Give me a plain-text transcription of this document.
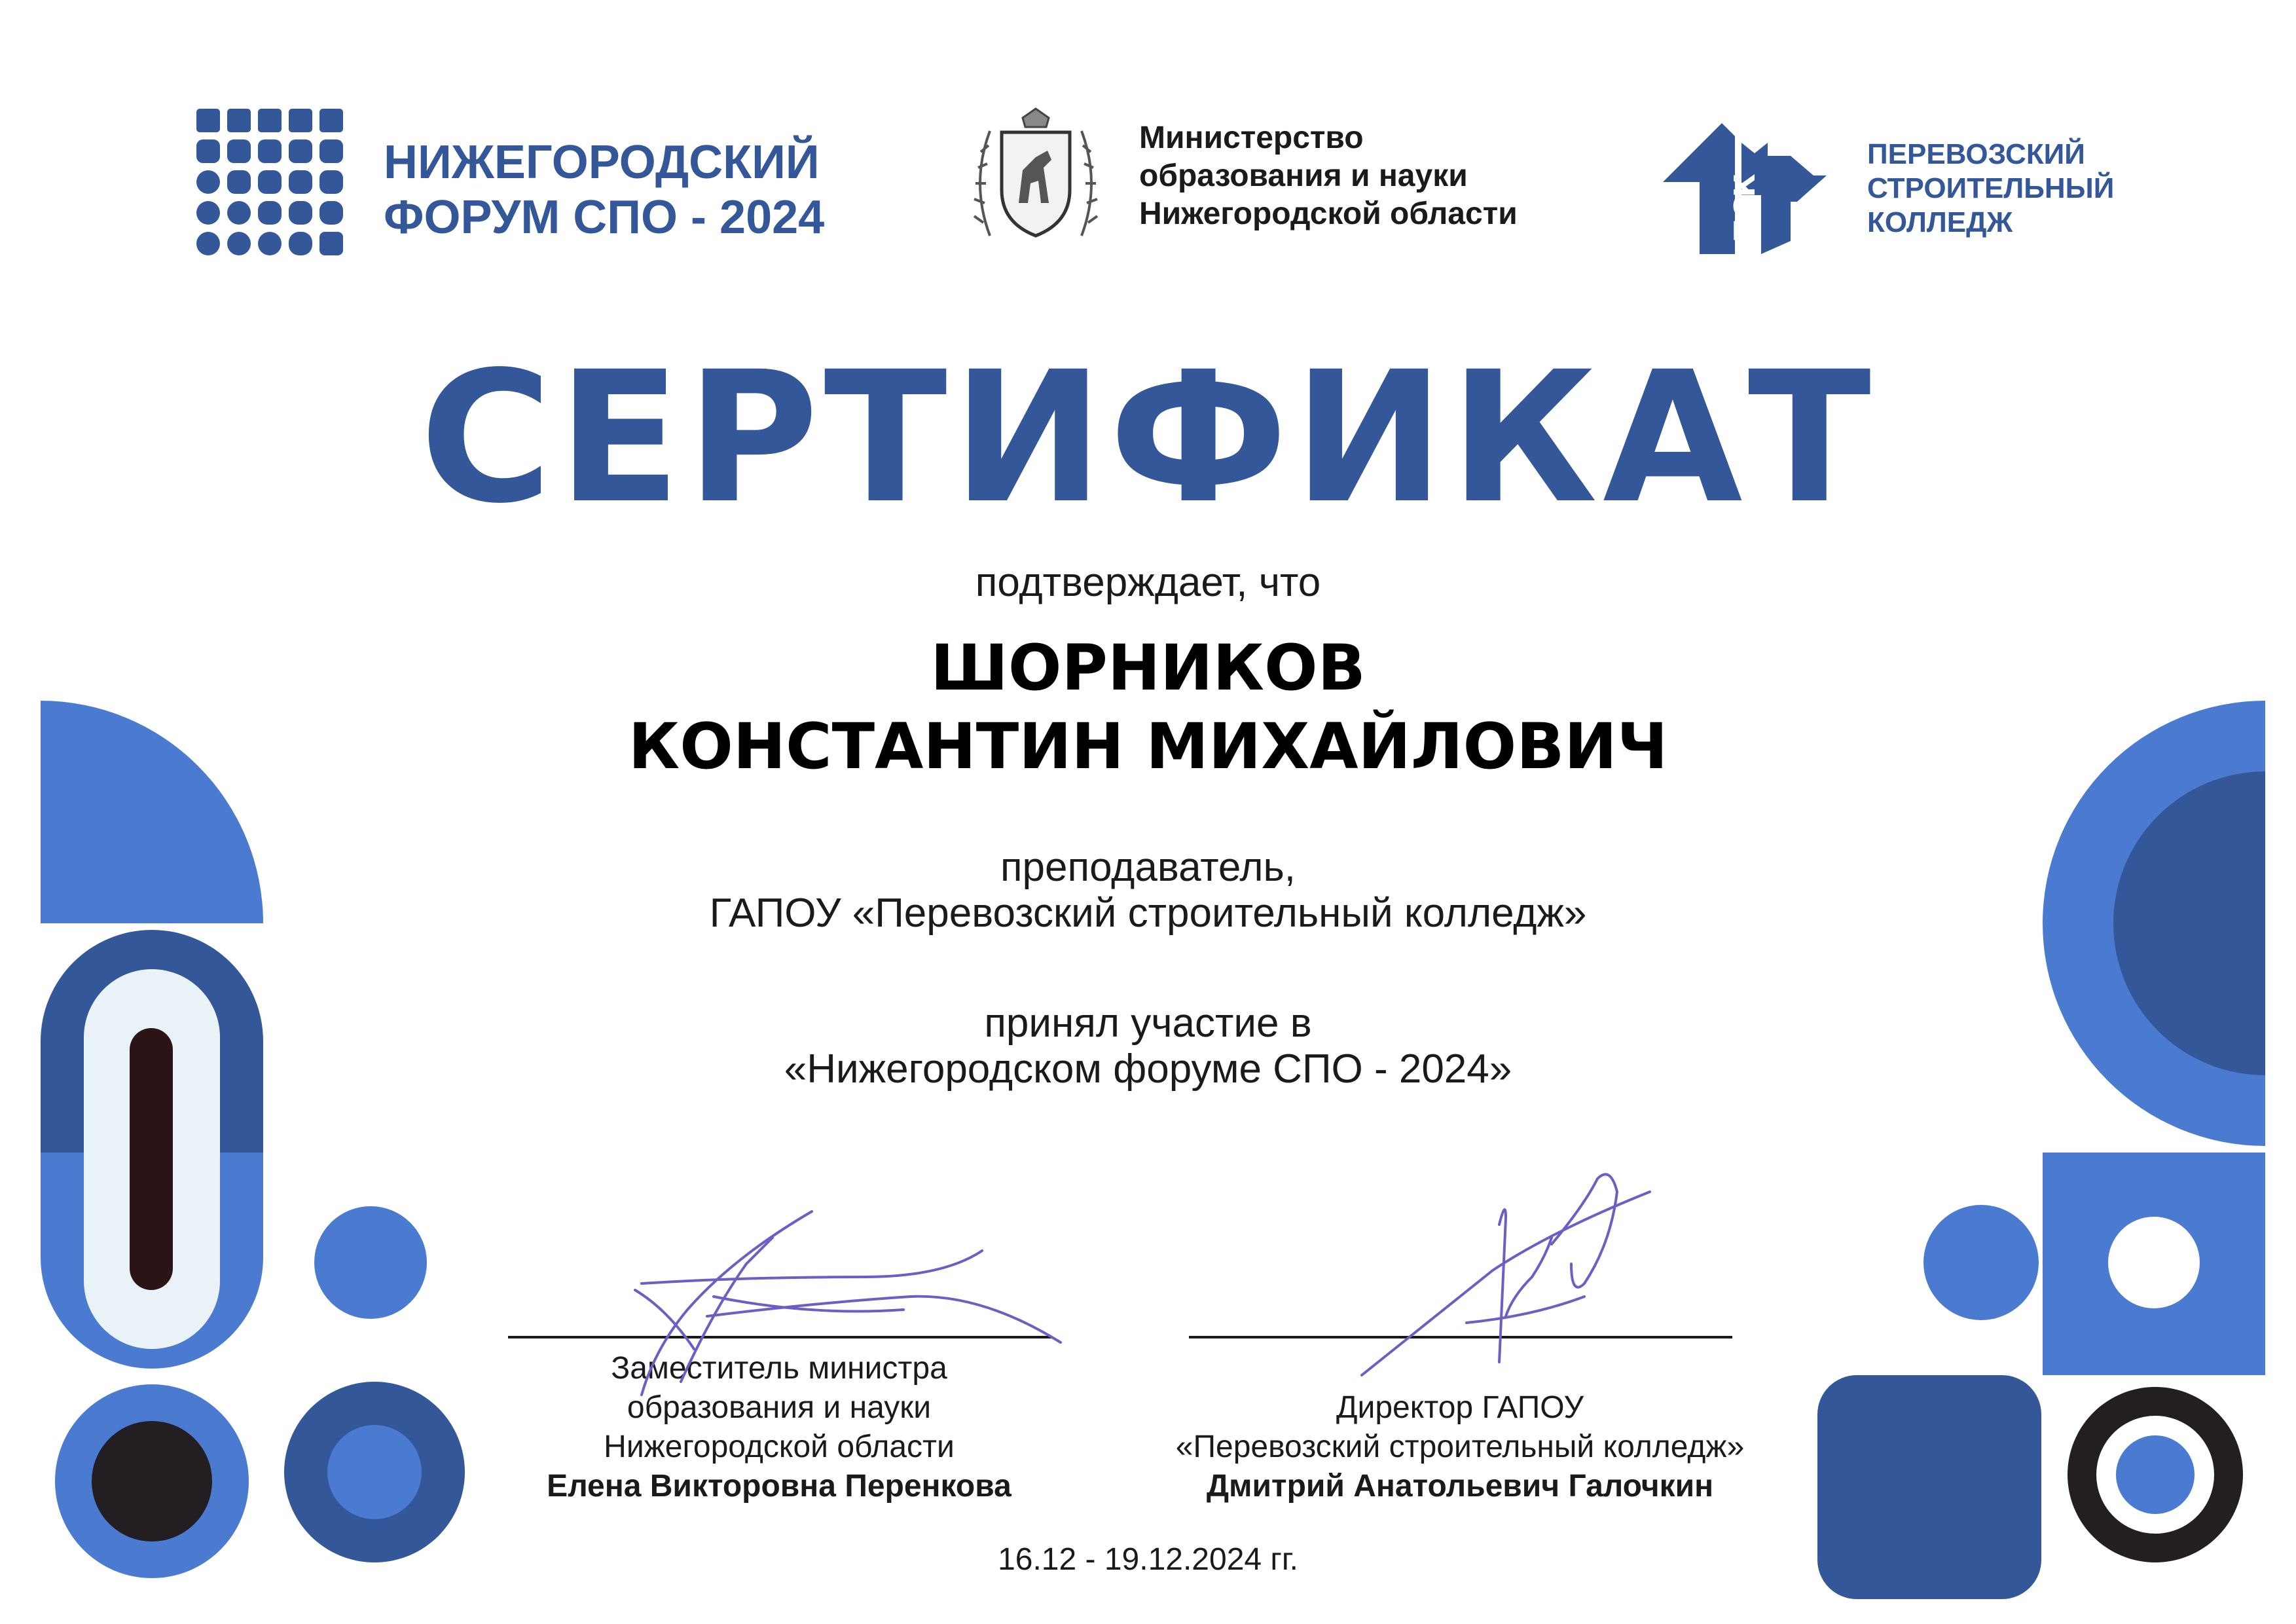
НИЖЕГОРОДСКИЙ
ФОРУМ СПО - 2024
Министерство
образования и науки
Нижегородской области	ПСК
ПЕРЕВОЗСКИЙ
СТРОИТЕЛЬНЫЙ
КОЛЛЕДЖ
СЕРТИФИКАТ
подтверждает, что
ШОРНИКОВ
КОНСТАНТИН МИХАЙЛОВИЧ
преподаватель,
ГАПОУ «Перевозский строительный колледж»
принял участие в
«Нижегородском форуме СПО - 2024»
Заместитель министра
образования и науки
Нижегородской области
Елена Викторовна Перенкова
Директор ГАПОУ
«Перевозский строительный колледж»
Дмитрий Анатольевич Галочкин
16.12 - 19.12.2024 гг.
